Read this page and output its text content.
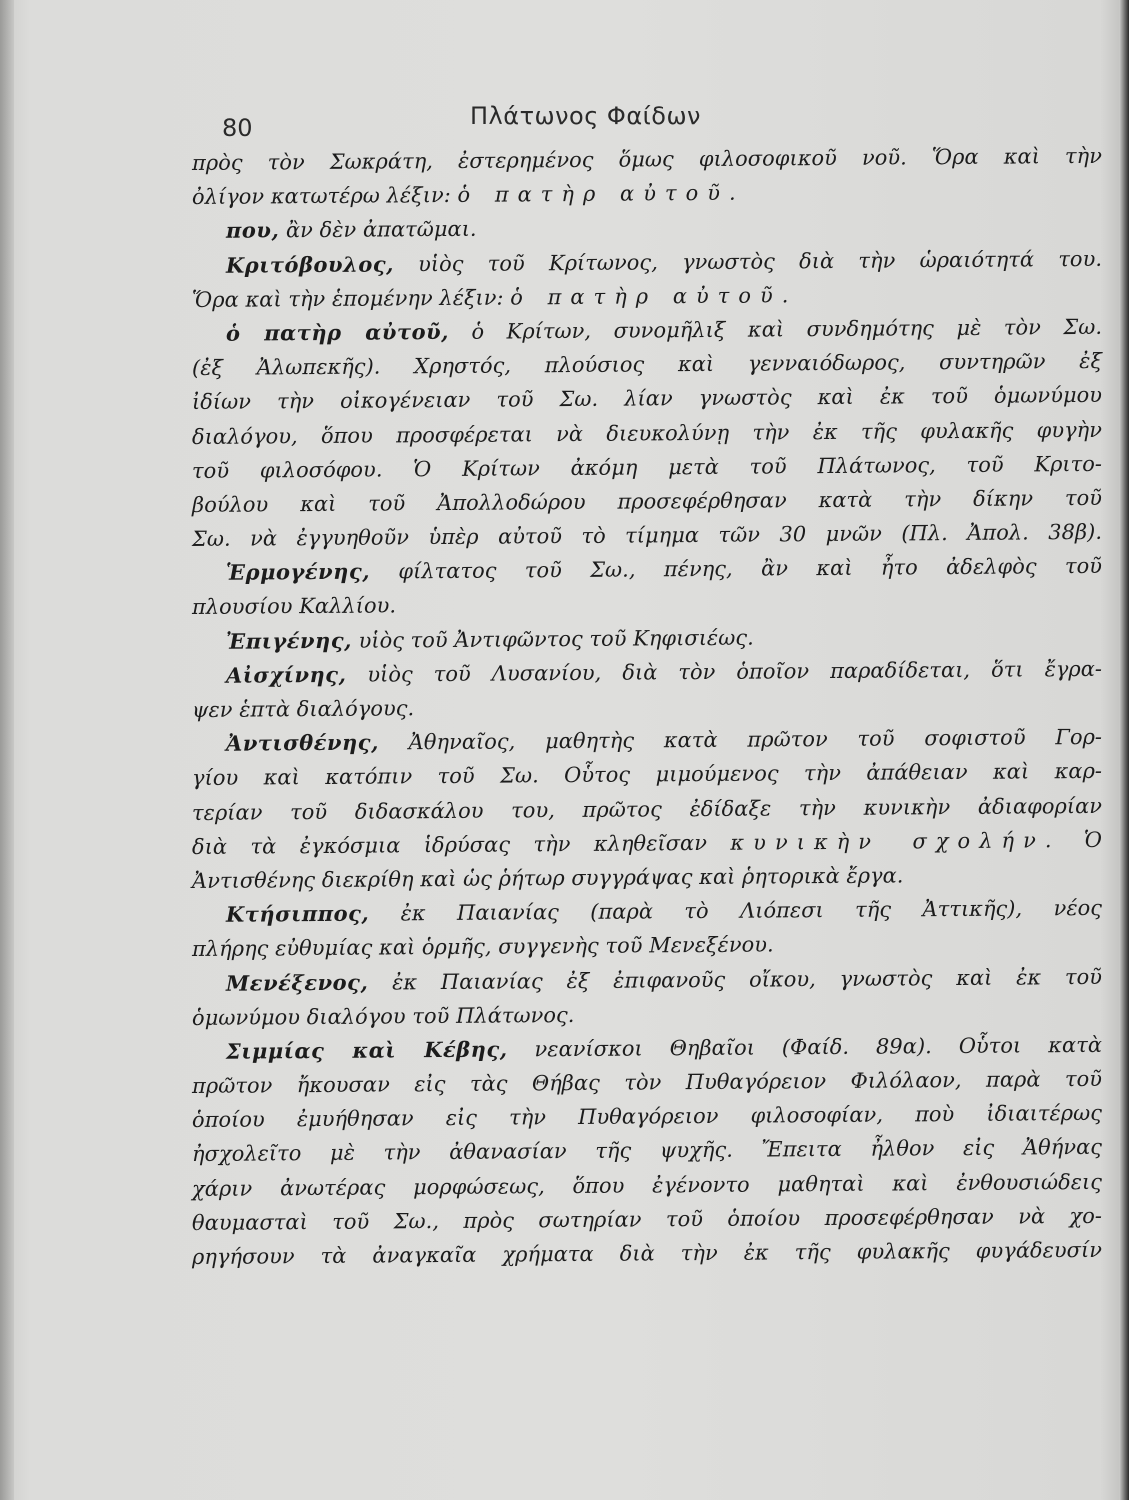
80	Πλάτωνος Φαίδων
πρὸς τὸν Σωκράτη, ἐστερημένος ὅμως φιλοσοφικοῦ νοῦ. Ὅρα καὶ τὴν
ὀλίγον κατωτέρω λέξιν: ὁ πατὴρ αὐτοῦ.
που, ἂν δὲν ἀπατῶμαι.
Κριτόβουλος, υἱὸς τοῦ Κρίτωνος, γνωστὸς διὰ τὴν ὡραιότητά του.
Ὅρα καὶ τὴν ἑπομένην λέξιν: ὁ πατὴρ αὐτοῦ.
ὁ πατὴρ αὐτοῦ, ὁ Κρίτων, συνομῆλιξ καὶ συνδημότης μὲ τὸν Σω.
(ἐξ Ἀλωπεκῆς). Χρηστός, πλούσιος καὶ γενναιόδωρος, συντηρῶν ἐξ
ἰδίων τὴν οἰκογένειαν τοῦ Σω. λίαν γνωστὸς καὶ ἐκ τοῦ ὁμωνύμου
διαλόγου, ὅπου προσφέρεται νὰ διευκολύνῃ τὴν ἐκ τῆς φυλακῆς φυγὴν
τοῦ φιλοσόφου. Ὁ Κρίτων ἀκόμη μετὰ τοῦ Πλάτωνος, τοῦ Κριτο-
βούλου καὶ τοῦ Ἀπολλοδώρου προσεφέρθησαν κατὰ τὴν δίκην τοῦ
Σω. νὰ ἐγγυηθοῦν ὑπὲρ αὐτοῦ τὸ τίμημα τῶν 30 μνῶν (Πλ. Ἀπολ. 38β).
Ἑρμογένης, φίλτατος τοῦ Σω., πένης, ἂν καὶ ἦτο ἀδελφὸς τοῦ
πλουσίου Καλλίου.
Ἐπιγένης, υἱὸς τοῦ Ἀντιφῶντος τοῦ Κηφισιέως.
Αἰσχίνης, υἱὸς τοῦ Λυσανίου, διὰ τὸν ὁποῖον παραδίδεται, ὅτι ἔγρα-
ψεν ἑπτὰ διαλόγους.
Ἀντισθένης, Ἀθηναῖος, μαθητὴς κατὰ πρῶτον τοῦ σοφιστοῦ Γορ-
γίου καὶ κατόπιν τοῦ Σω. Οὗτος μιμούμενος τὴν ἀπάθειαν καὶ καρ-
τερίαν τοῦ διδασκάλου του, πρῶτος ἐδίδαξε τὴν κυνικὴν ἀδιαφορίαν
διὰ τὰ ἐγκόσμια ἱδρύσας τὴν κληθεῖσαν κυνικὴν σχολήν. Ὁ
Ἀντισθένης διεκρίθη καὶ ὡς ῥήτωρ συγγράψας καὶ ῥητορικὰ ἔργα.
Κτήσιππος, ἐκ Παιανίας (παρὰ τὸ Λιόπεσι τῆς Ἀττικῆς), νέος
πλήρης εὐθυμίας καὶ ὁρμῆς, συγγενὴς τοῦ Μενεξένου.
Μενέξενος, ἐκ Παιανίας ἐξ ἐπιφανοῦς οἴκου, γνωστὸς καὶ ἐκ τοῦ
ὁμωνύμου διαλόγου τοῦ Πλάτωνος.
Σιμμίας καὶ Κέβης, νεανίσκοι Θηβαῖοι (Φαίδ. 89α). Οὗτοι κατὰ
πρῶτον ἤκουσαν εἰς τὰς Θήβας τὸν Πυθαγόρειον Φιλόλαον, παρὰ τοῦ
ὁποίου ἐμυήθησαν εἰς τὴν Πυθαγόρειον φιλοσοφίαν, ποὺ ἰδιαιτέρως
ἠσχολεῖτο μὲ τὴν ἀθανασίαν τῆς ψυχῆς. Ἔπειτα ἦλθον εἰς Ἀθήνας
χάριν ἀνωτέρας μορφώσεως, ὅπου ἐγένοντο μαθηταὶ καὶ ἐνθουσιώδεις
θαυμασταὶ τοῦ Σω., πρὸς σωτηρίαν τοῦ ὁποίου προσεφέρθησαν νὰ χο-
ρηγήσουν τὰ ἀναγκαῖα χρήματα διὰ τὴν ἐκ τῆς φυλακῆς φυγάδευσίν
